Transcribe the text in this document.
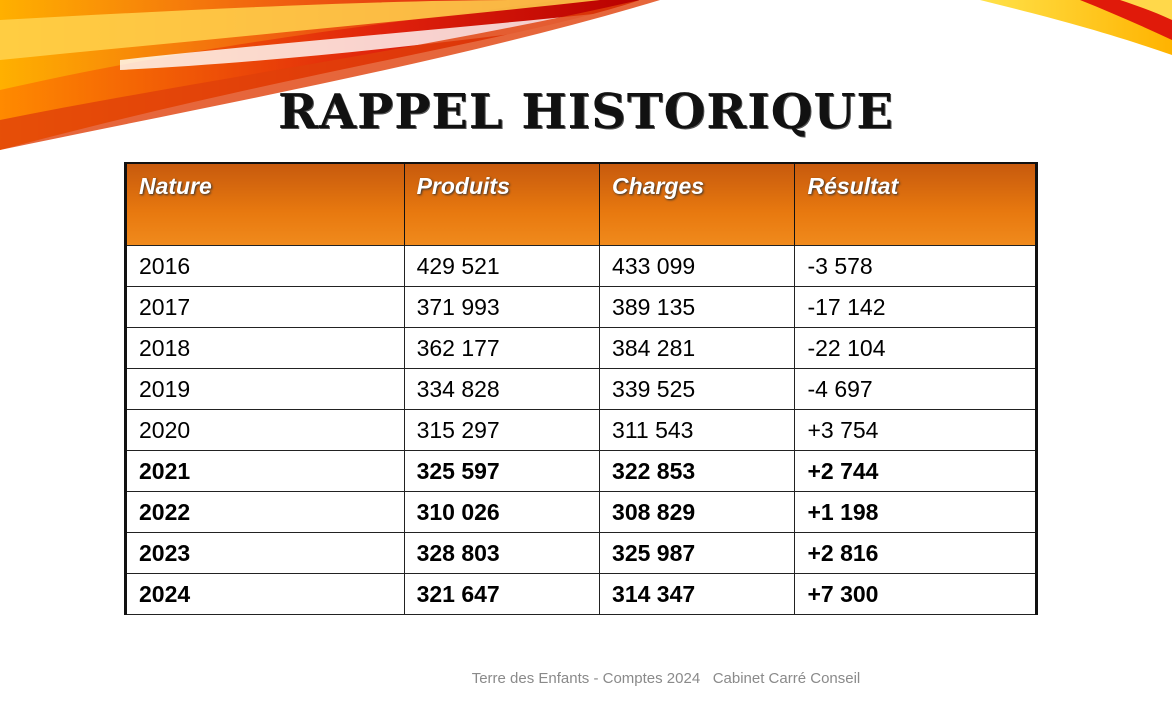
RAPPEL HISTORIQUE
Nature	Produits	Charges	Résultat
2016	429 521	433 099	-3 578
2017	371 993	389 135	-17 142
2018	362 177	384 281	-22 104
2019	334 828	339 525	-4 697
2020	315 297	311 543	+3 754
2021	325 597	322 853	+2 744
2022	310 026	308 829	+1 198
2023	328 803	325 987	+2 816
2024	321 647	314 347	+7 300
Terre des Enfants - Comptes 2024 Cabinet Carré Conseil
